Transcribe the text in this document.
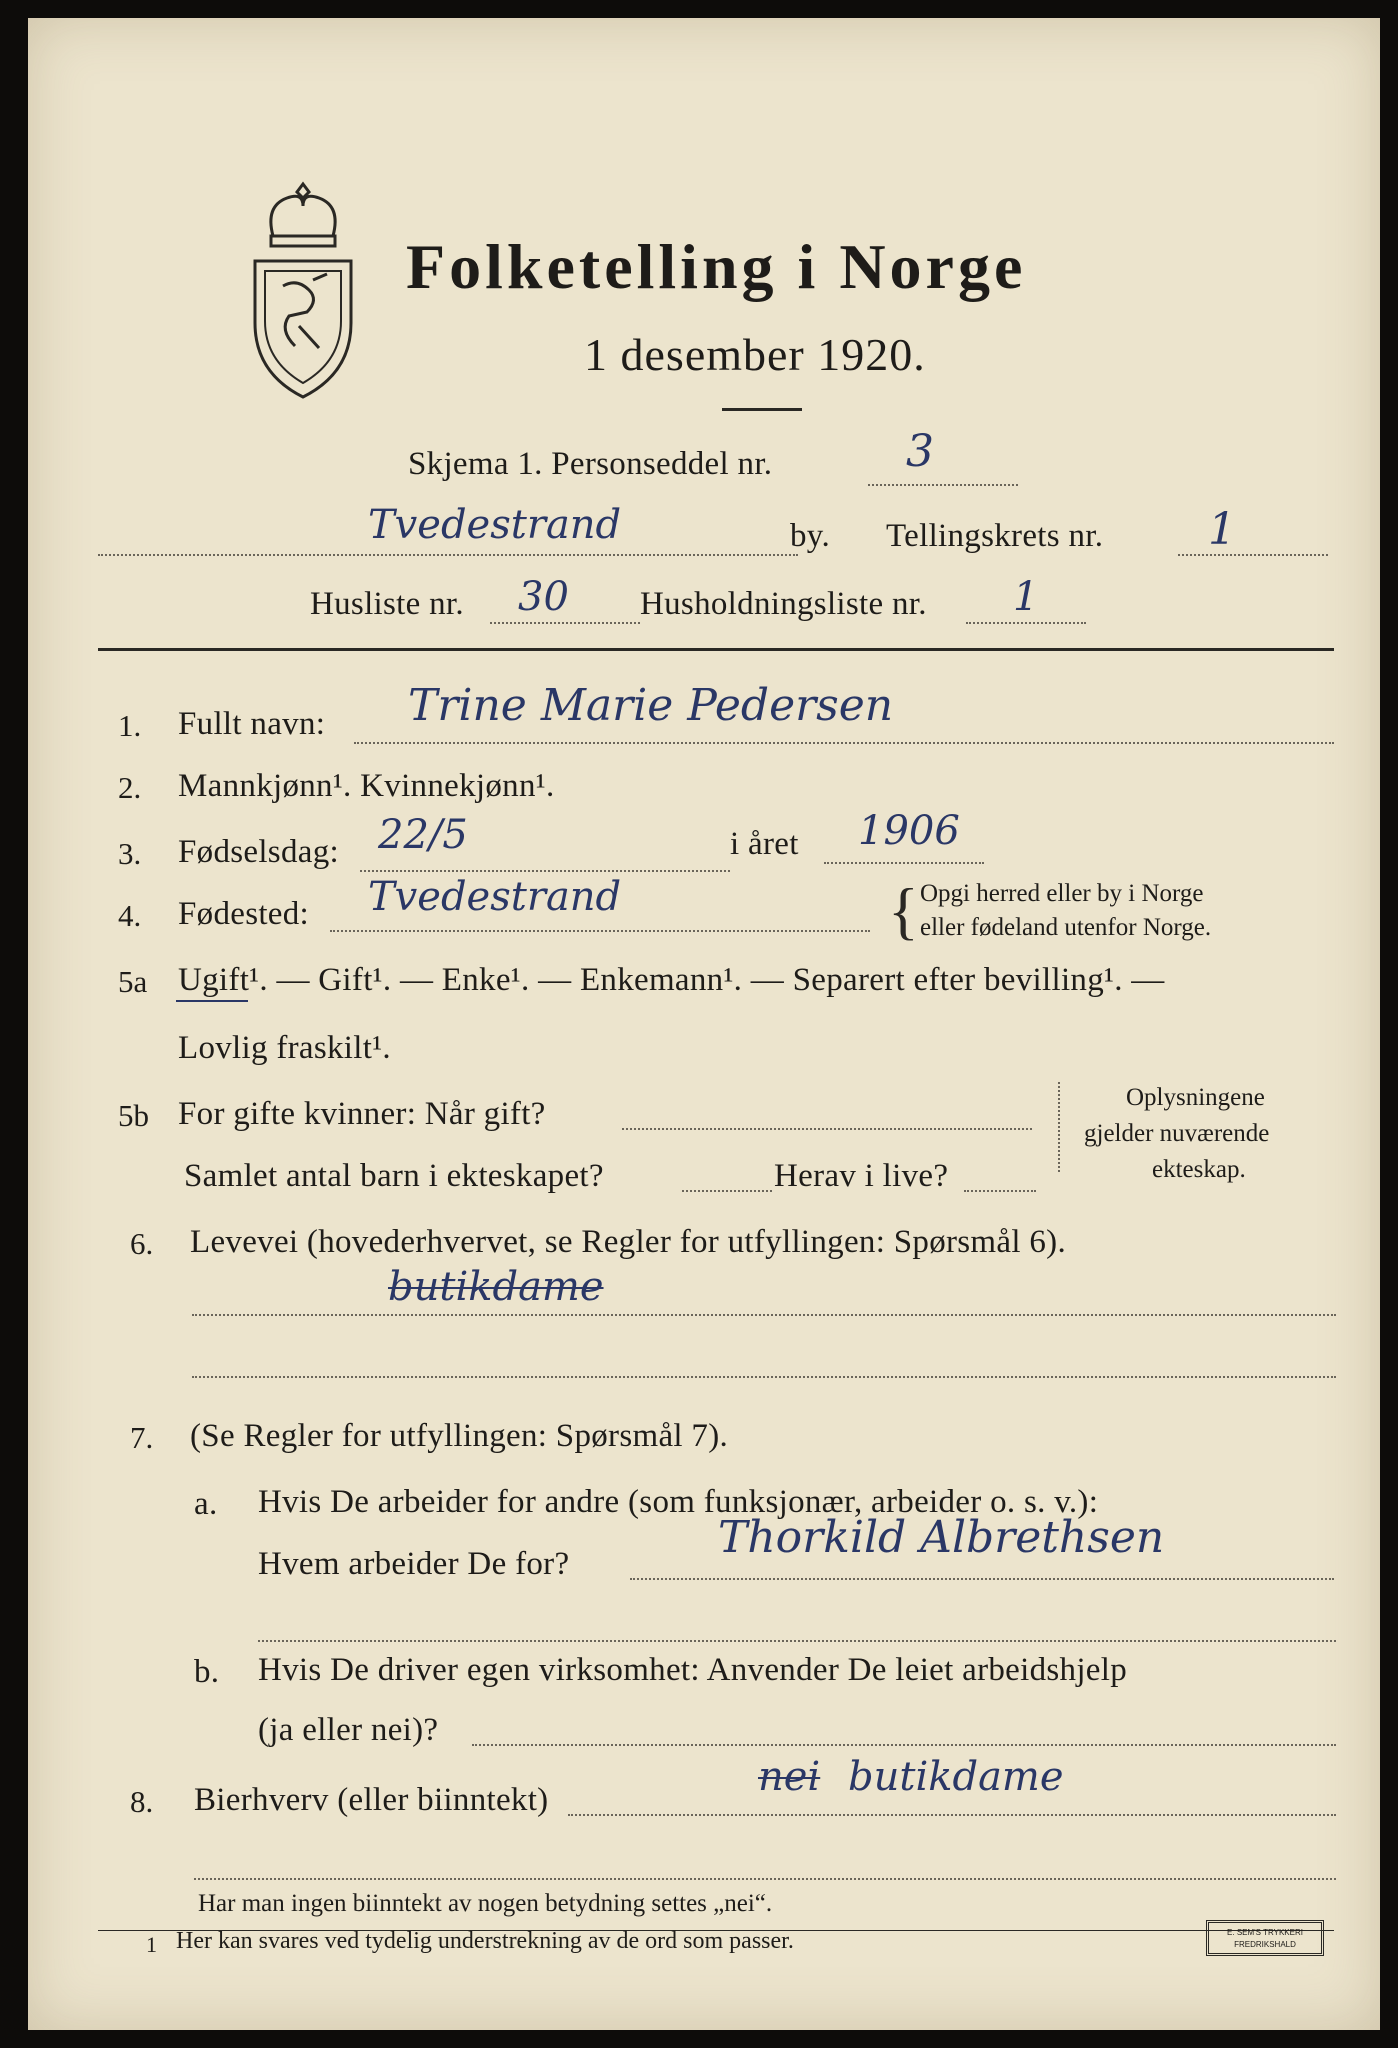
Folketelling i Norge
1 desember 1920.
Skjema 1. Personseddel nr.	3
Tvedestrand	by. Tellingskrets nr. 1
Husliste nr. 30 Husholdningsliste nr. 1
1. Fullt navn: Trine Marie Pedersen
2. Mannkjønn¹. Kvinnekjønn¹.
3. Fødselsdag: 22/5	i året 1906
4. Fødested: Tvedestrand	{ Opgi herred eller by i Norge
eller fødeland utenfor Norge.
5a Ugift¹. — Gift¹. — Enke¹. — Enkemann¹. — Separert efter bevilling¹. —
Lovlig fraskilt¹.
5b For gifte kvinner: Når gift?
Samlet antal barn i ekteskapet?	Herav i live?
Oplysningene
gjelder nuværende
ekteskap.
6. Levevei (hovederhvervet, se Regler for utfyllingen: Spørsmål 6).
butikdame
7. (Se Regler for utfyllingen: Spørsmål 7).
a. Hvis De arbeider for andre (som funksjonær, arbeider o. s. v.):
Hvem arbeider De for?
Thorkild Albrethsen
b. Hvis De driver egen virksomhet: Anvender De leiet arbeidshjelp
(ja eller nei)?
8. Bierhverv (eller biinntekt)	nei butikdame
Har man ingen biinntekt av nogen betydning settes „nei“.
1 Her kan svares ved tydelig understrekning av de ord som passer.	E. SEM'S TRYKKERI
FREDRIKSHALD
